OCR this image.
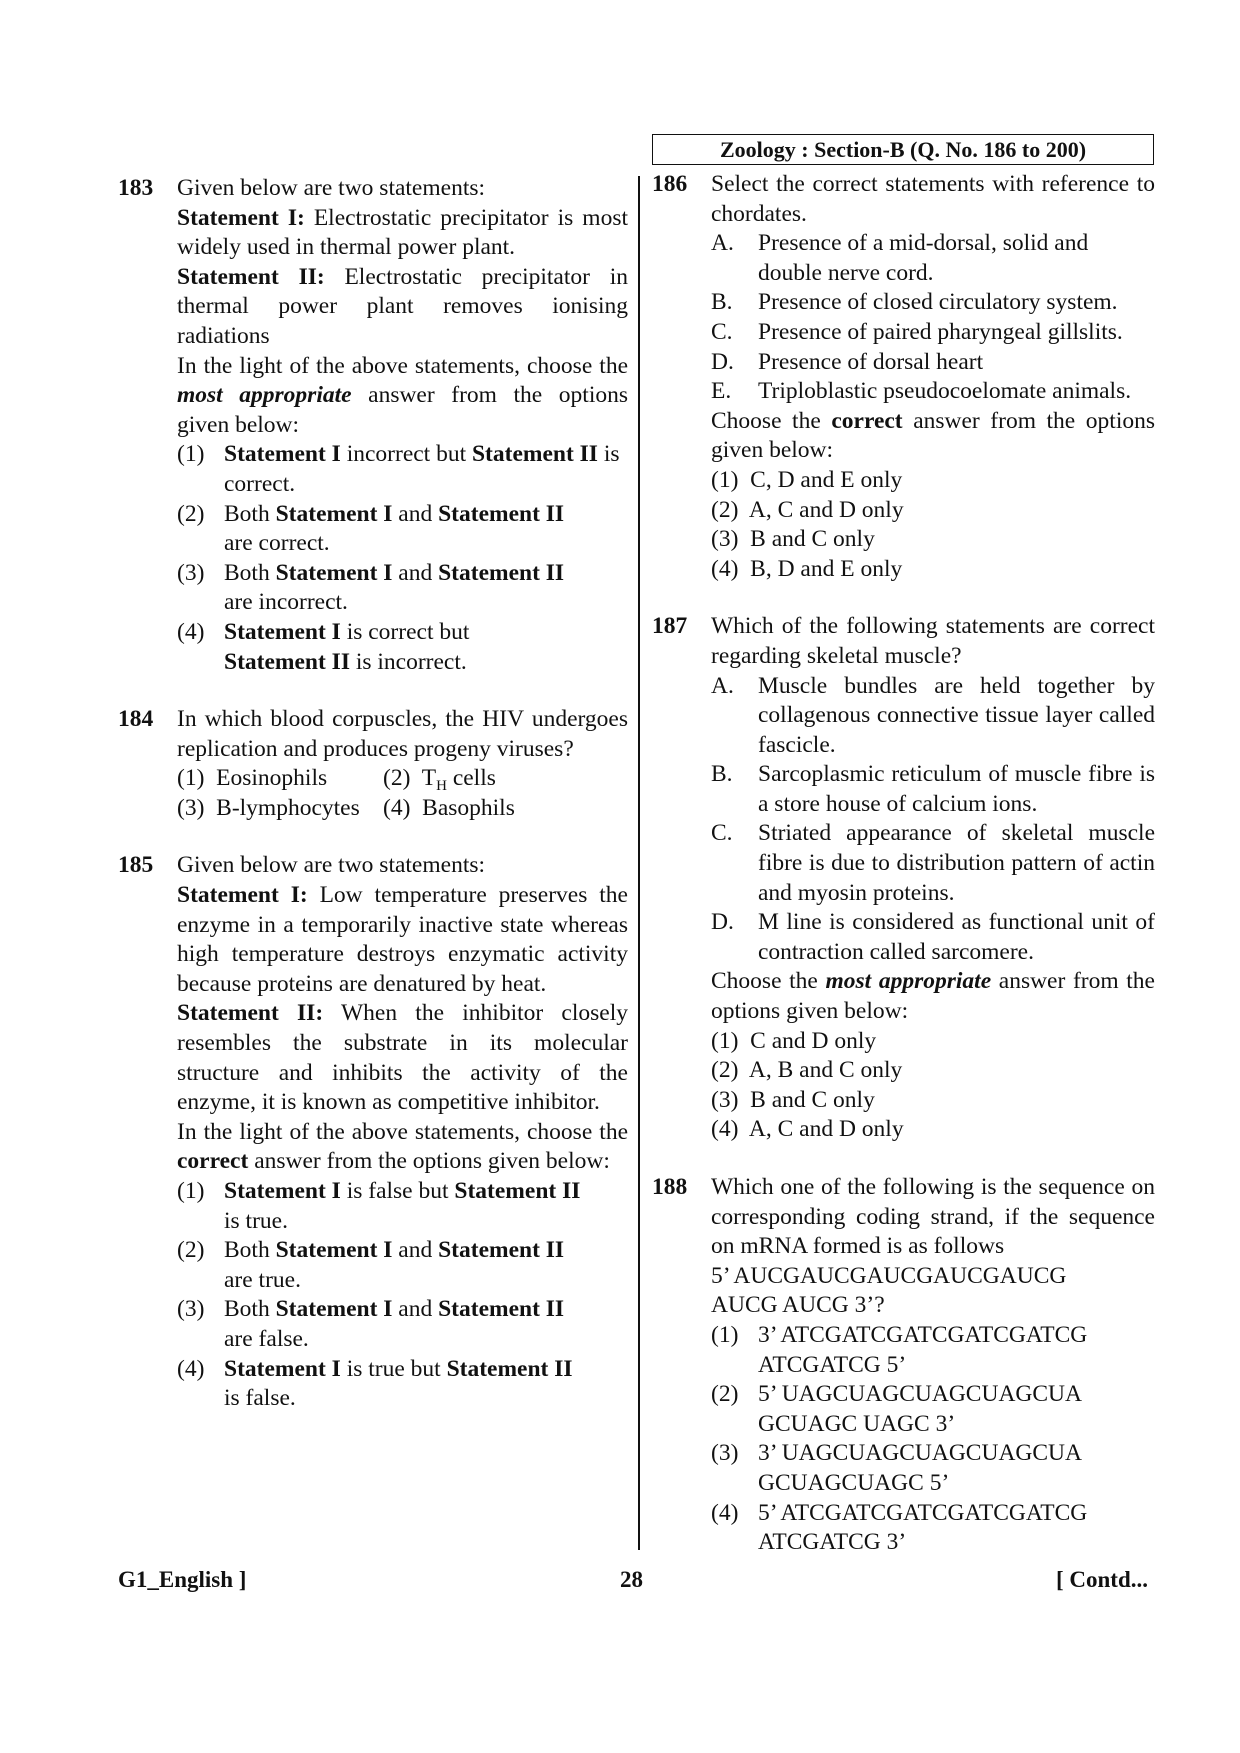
Zoology : Section-B (Q. No. 186 to 200)
183 Given below are two statements:
Statement I: Electrostatic precipitator is most widely used in thermal power plant.
Statement II: Electrostatic precipitator in thermal power plant removes ionising radiations
In the light of the above statements, choose the most appropriate answer from the options given below:
(1) Statement I incorrect but Statement II is correct.
(2) Both Statement I and Statement II
are correct.
(3) Both Statement I and Statement II
are incorrect.
(4) Statement I is correct but
Statement II is incorrect.
184 In which blood corpuscles, the HIV undergoes replication and produces progeny viruses?
(1) Eosinophils (2) $T_H$ cells
(3) B-lymphocytes (4) Basophils
185 Given below are two statements:
Statement I: Low temperature preserves the enzyme in a temporarily inactive state whereas high temperature destroys enzymatic activity because proteins are denatured by heat.
Statement II: When the inhibitor closely resembles the substrate in its molecular structure and inhibits the activity of the enzyme, it is known as competitive inhibitor.
In the light of the above statements, choose the correct answer from the options given below:
(1) Statement I is false but Statement II
is true.
(2) Both Statement I and Statement II
are true.
(3) Both Statement I and Statement II
are false.
(4) Statement I is true but Statement II
is false.
186 Select the correct statements with reference to chordates.
A. Presence of a mid-dorsal, solid and double nerve cord.
B. Presence of closed circulatory system.
C. Presence of paired pharyngeal gillslits.
D. Presence of dorsal heart
E. Triploblastic pseudocoelomate animals.
Choose the correct answer from the options given below:
(1) C, D and E only
(2) A, C and D only
(3) B and C only
(4) B, D and E only
187 Which of the following statements are correct regarding skeletal muscle?
A. Muscle bundles are held together by collagenous connective tissue layer called fascicle.
B. Sarcoplasmic reticulum of muscle fibre is a store house of calcium ions.
C. Striated appearance of skeletal muscle fibre is due to distribution pattern of actin and myosin proteins.
D. M line is considered as functional unit of contraction called sarcomere.
Choose the most appropriate answer from the options given below:
(1) C and D only
(2) A, B and C only
(3) B and C only
(4) A, C and D only
188 Which one of the following is the sequence on corresponding coding strand, if the sequence on mRNA formed is as follows
5’ AUCGAUCGAUCGAUCGAUCG
AUCG AUCG 3’?
(1) 3’ ATCGATCGATCGATCGATCG
ATCGATCG 5’
(2) 5’ UAGCUAGCUAGCUAGCUA
GCUAGC UAGC 3’
(3) 3’ UAGCUAGCUAGCUAGCUA
GCUAGCUAGC 5’
(4) 5’ ATCGATCGATCGATCGATCG
ATCGATCG 3’
G1_English ]	28	[ Contd...
